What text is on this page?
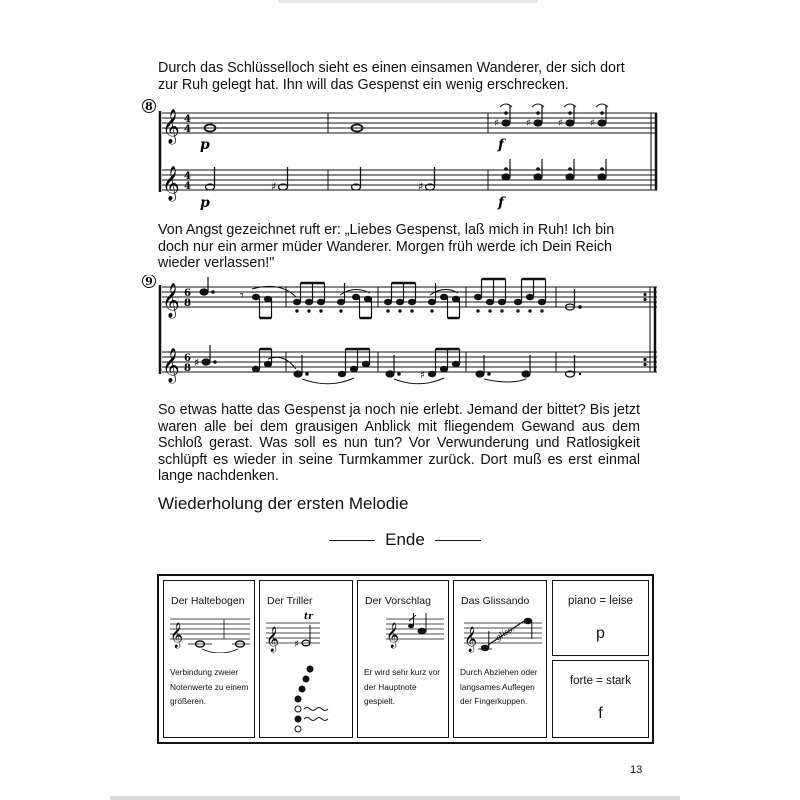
Durch das Schlüsselloch sieht es einen einsamen Wanderer, der sich dort zur Ruh gelegt hat. Ihn will das Gespenst ein wenig erschrecken.

8
𝄞
𝄞
4
4
4
4	♯	♯
♯	♯	♯	♯
p	f
p	f

Von Angst gezeichnet ruft er: „Liebes Gespenst, laß mich in Ruh! Ich bin doch nur ein armer müder Wanderer. Morgen früh werde ich Dein Reich wieder verlassen!"

9
𝄞
𝄞
6
8
6
8
𝄾
♯
♯

So etwas hatte das Gespenst ja noch nie erlebt. Jemand der bittet? Bis jetzt waren alle bei dem grausigen Anblick mit fliegendem Gewand aus dem Schloß gerast. Was soll es nun tun? Vor Verwunderung und Ratlosigkeit schlüpft es wieder in seine Turmkammer zurück. Dort muß es erst einmal lange nachdenken.

Wiederholung der ersten Melodie

Ende

Der Haltebogen

𝄞

Verbindung zweier Notenwerte zu einem größeren.

Der Triller

𝄞 ♯
tr

Der Vorschlag

𝄞

Er wird sehr kurz vor der Hauptnote gespielt.

Das Glissando

𝄞 gliss.

Durch Abziehen oder langsames Auflegen der Fingerkuppen.

piano = leise

p

forte = stark

f

13
